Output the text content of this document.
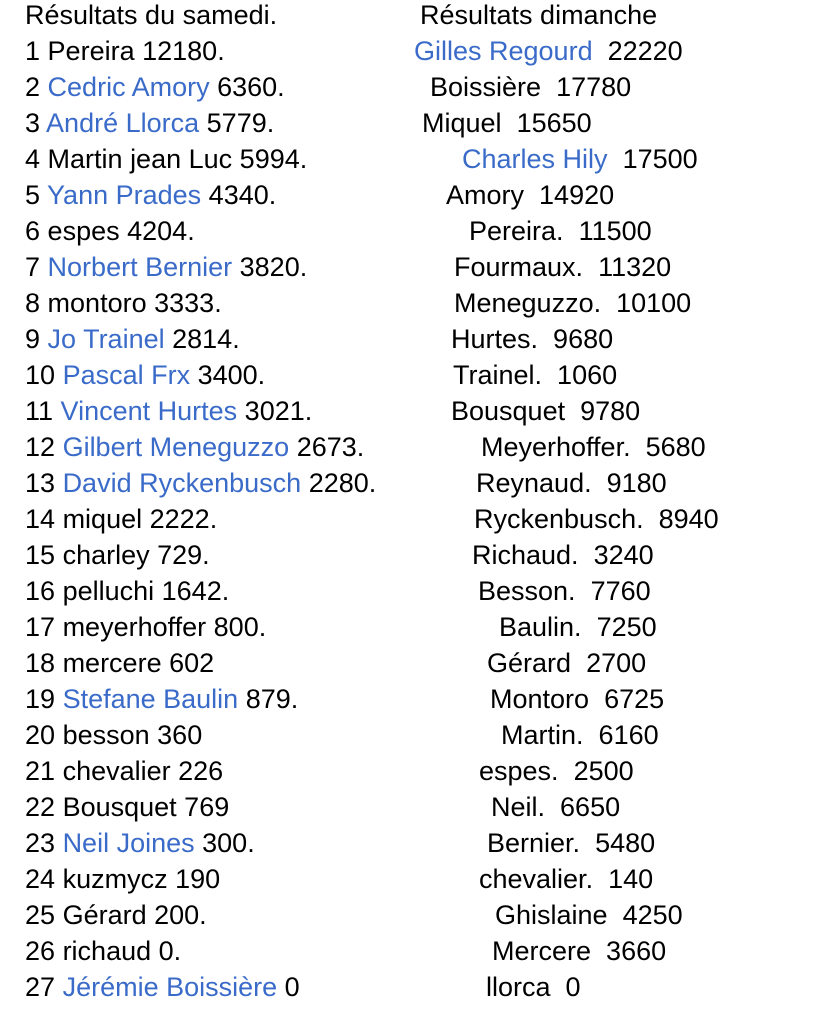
Résultats du samedi.	Résultats dimanche
1 Pereira 12180.
2 Cedric Amory 6360.
3 André Llorca 5779.
4 Martin jean Luc 5994.
5 Yann Prades 4340.
6 espes 4204.
7 Norbert Bernier 3820.
8 montoro 3333.
9 Jo Trainel 2814.
10 Pascal Frx 3400.
11 Vincent Hurtes 3021.
12 Gilbert Meneguzzo 2673.
13 David Ryckenbusch 2280.
14 miquel 2222.
15 charley 729.
16 pelluchi 1642.
17 meyerhoffer 800.
18 mercere 602
19 Stefane Baulin 879.
20 besson 360
21 chevalier 226
22 Bousquet 769
23 Neil Joines 300.
24 kuzmycz 190
25 Gérard 200.
26 richaud 0.
27 Jérémie Boissière 0
Gilles Regourd 22220
Boissière 17780
Miquel 15650
Charles Hily 17500
Amory 14920
Pereira. 11500
Fourmaux. 11320
Meneguzzo. 10100
Hurtes. 9680
Trainel. 1060
Bousquet 9780
Meyerhoffer. 5680
Reynaud. 9180
Ryckenbusch. 8940
Richaud. 3240
Besson. 7760
Baulin. 7250
Gérard 2700
Montoro 6725
Martin. 6160
espes. 2500
Neil. 6650
Bernier. 5480
chevalier. 140
Ghislaine 4250
Mercere 3660
llorca 0
